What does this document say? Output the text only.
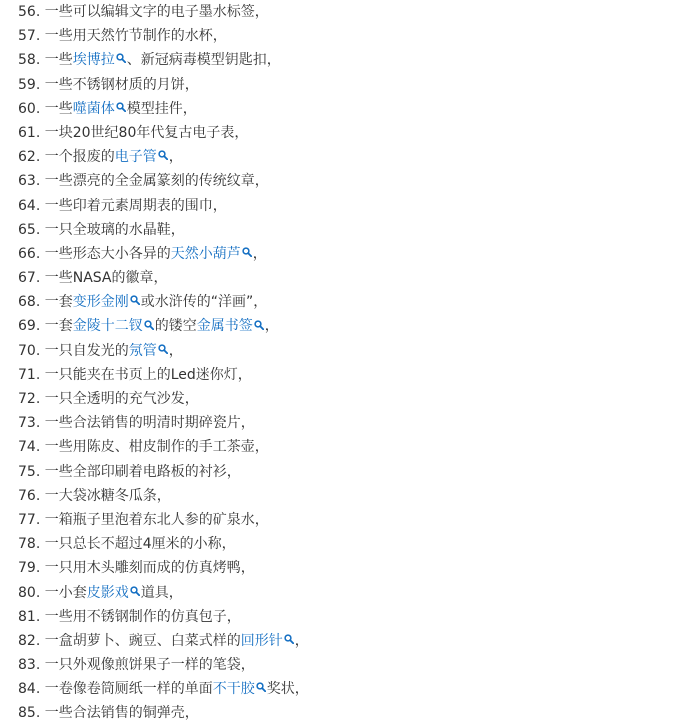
56.
一些可以编辑文字的电子墨水标签，
57.
一些用天然竹节制作的水杯，
58.
一些 埃博拉 、新冠病毒模型钥匙扣，
59.
一些不锈钢材质的月饼，
60.
一些 噬菌体 模型挂件，
61.
一块20世纪80年代复古电子表，
62.
一个报废的 电子管 ，
63.
一些漂亮的全金属篆刻的传统纹章，
64.
一些印着元素周期表的围巾，
65.
一只全玻璃的水晶鞋，
66.
一些形态大小各异的 天然小葫芦 ，
67.
一些NASA的徽章，
68.
一套 变形金刚 或水浒传的“洋画”，
69.
一套 金陵十二钗 的镂空 金属书签 ，
70.
一只自发光的 氖管 ，
71.
一只能夹在书页上的Led迷你灯，
72.
一只全透明的充气沙发，
73.
一些合法销售的明清时期碎瓷片，
74.
一些用陈皮、柑皮制作的手工茶壶，
75.
一些全部印刷着电路板的衬衫，
76.
一大袋冰糖冬瓜条，
77.
一箱瓶子里泡着东北人参的矿泉水，
78.
一只总长不超过4厘米的小称，
79.
一只用木头雕刻而成的仿真烤鸭，
80.
一小套 皮影戏 道具，
81.
一些用不锈钢制作的仿真包子，
82.
一盒胡萝卜、豌豆、白菜式样的 回形针 ，
83.
一只外观像煎饼果子一样的笔袋，
84.
一卷像卷筒厕纸一样的单面 不干胶 奖状，
85.
一些合法销售的铜弹壳，
